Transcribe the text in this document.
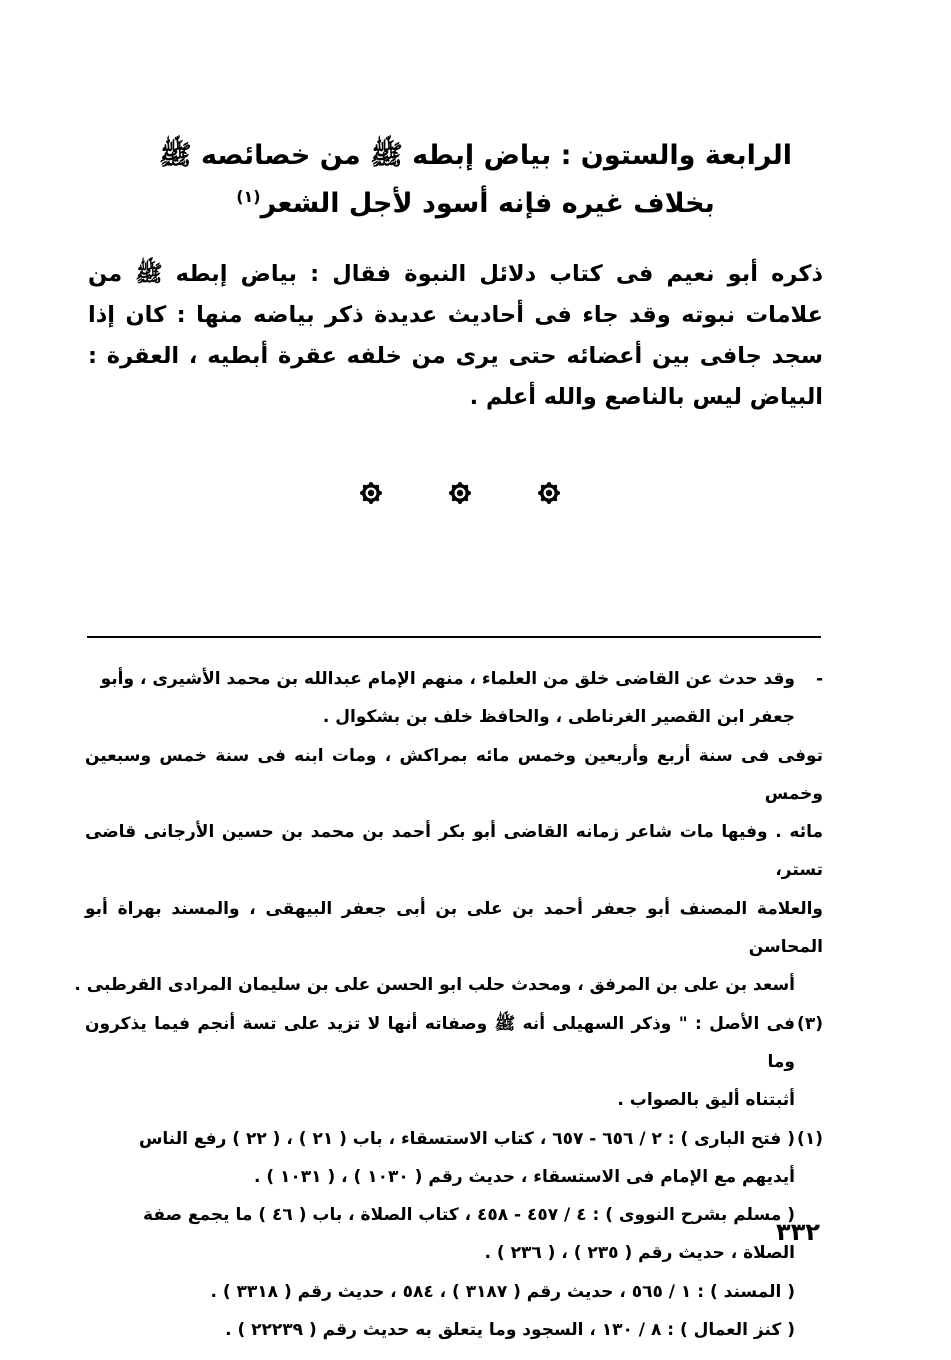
الرابعة والستون : بياض إبطه ﷺ من خصائصه ﷺ
بخلاف غيره فإنه أسود لأجل الشعر$^{(١)}$
ذكره أبو نعيم فى كتاب دلائل النبوة فقال : بياض إبطه ﷺ من علامات نبوته وقد جاء فى أحاديث عديدة ذكر بياضه منها : كان إذا سجد جافى بين أعضائه حتى يرى من خلفه عقرة أبطيه ، العقرة : البياض ليس بالناصع والله أعلم .
-
وقد حدث عن القاضى خلق من العلماء ، منهم الإمام عبدالله بن محمد الأشيرى ، وأبو
جعفر ابن القصير الغرناطى ، والحافظ خلف بن بشكوال .
توفى فى سنة أربع وأربعين وخمس مائه بمراكش ، ومات ابنه فى سنة خمس وسبعين وخمس
مائه . وفيها مات شاعر زمانه القاضى أبو بكر أحمد بن محمد بن حسين الأرجانى قاضى تستر،
والعلامة المصنف أبو جعفر أحمد بن على بن أبى جعفر البيهقى ، والمسند بهراة أبو المحاسن
أسعد بن على بن المرفق ، ومحدث حلب ابو الحسن على بن سليمان المرادى القرطبى .
(٣)
فى الأصل : " وذكر السهيلى أنه ﷺ وصفاته أنها لا تزيد على تسة أنجم فيما يذكرون وما
أثبتناه أليق بالصواب .
(١)
( فتح البارى ) : ٢ / ٦٥٦ - ٦٥٧ ، كتاب الاستسقاء ، باب ( ٢١ ) ، ( ٢٢ ) رفع الناس
أيديهم مع الإمام فى الاستسقاء ، حديث رقم ( ١٠٣٠ ) ، ( ١٠٣١ ) .
( مسلم بشرح النووى ) : ٤ / ٤٥٧ - ٤٥٨ ، كتاب الصلاة ، باب ( ٤٦ ) ما يجمع صفة
الصلاة ، حديث رقم ( ٢٣٥ ) ، ( ٢٣٦ ) .
( المسند ) : ١ / ٥٦٥ ، حديث رقم ( ٣١٨٧ ) ، ٥٨٤ ، حديث رقم ( ٣٣١٨ ) .
( كنز العمال ) : ٨ / ١٣٠ ، السجود وما يتعلق به حديث رقم ( ٢٢٢٣٩ ) .
٣٣٢
